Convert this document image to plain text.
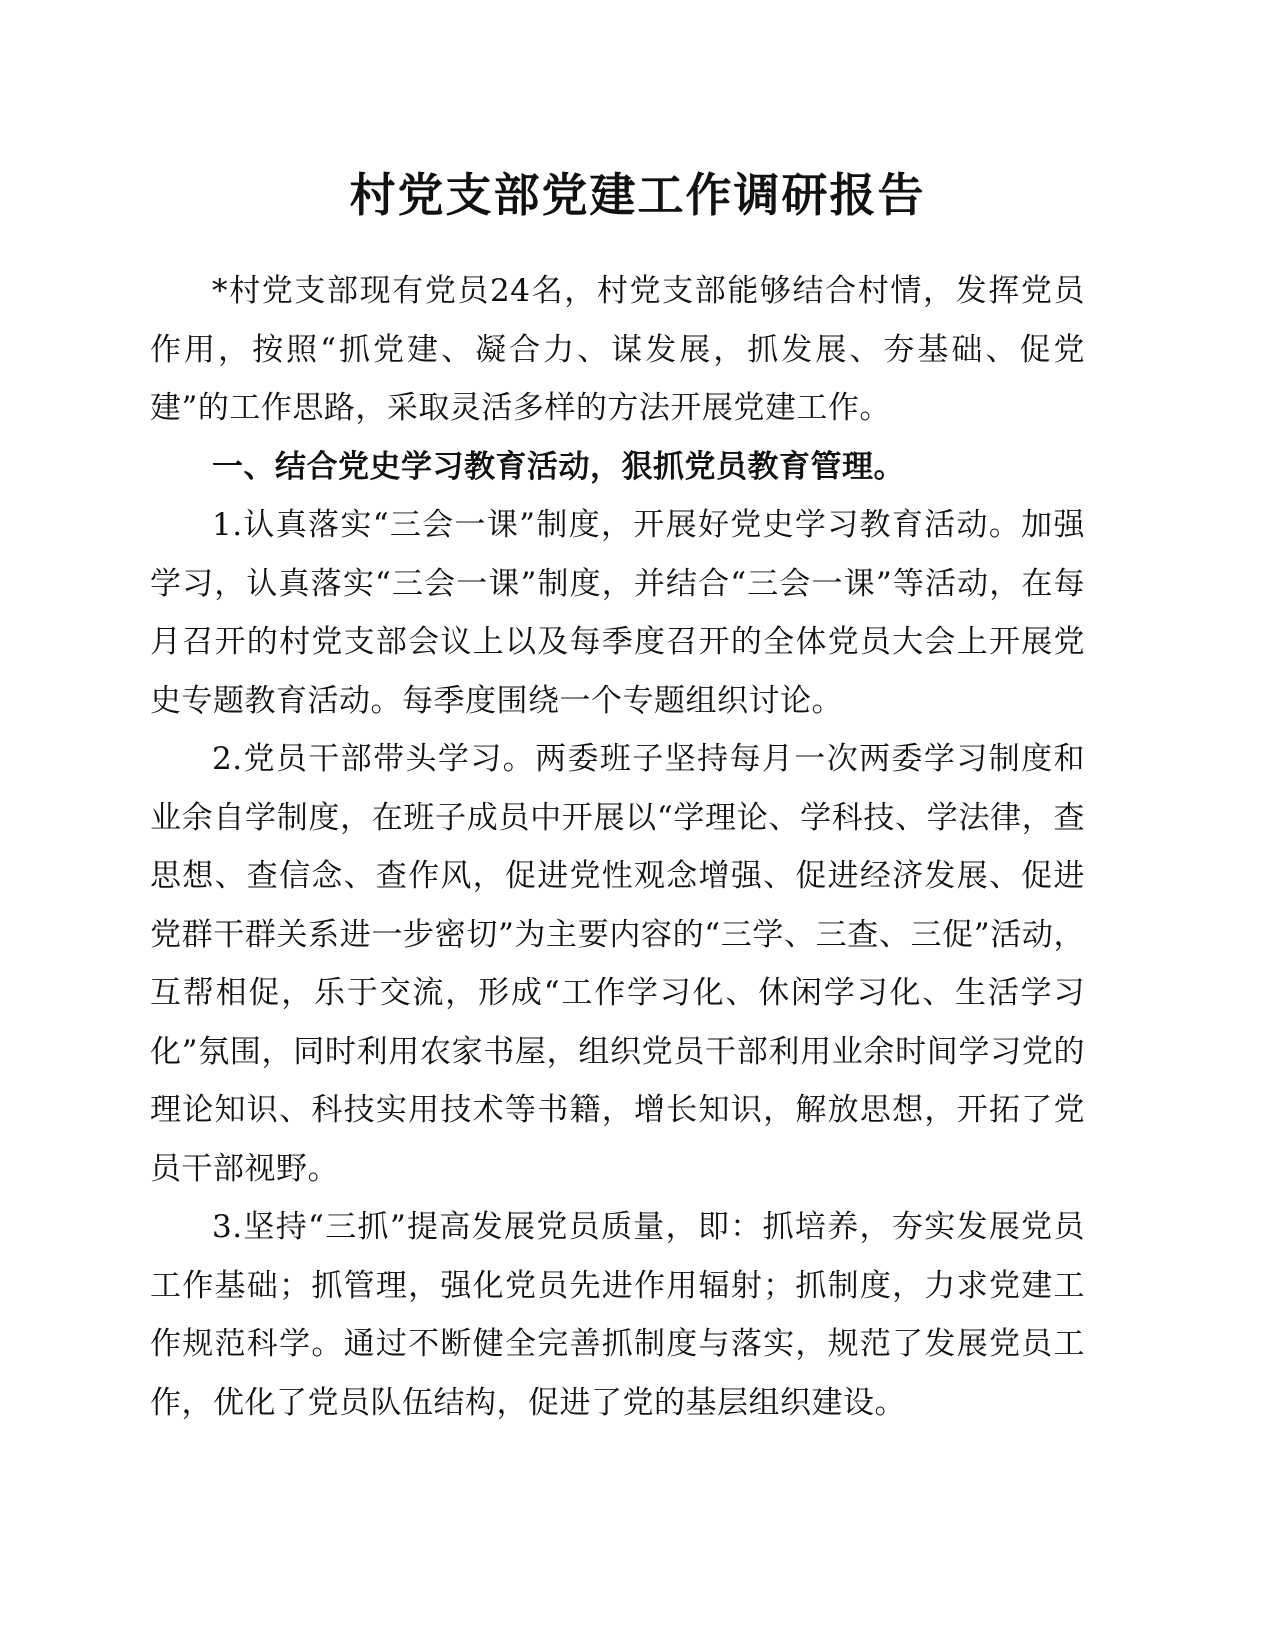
村党支部党建工作调研报告

*村党支部现有党员24名，村党支部能够结合村情，发挥党员作用，按照“抓党建、凝合力、谋发展，抓发展、夯基础、促党建”的工作思路，采取灵活多样的方法开展党建工作。

一、结合党史学习教育活动，狠抓党员教育管理。

1.认真落实“三会一课”制度，开展好党史学习教育活动。加强学习，认真落实“三会一课”制度，并结合“三会一课”等活动，在每月召开的村党支部会议上以及每季度召开的全体党员大会上开展党史专题教育活动。每季度围绕一个专题组织讨论。

2.党员干部带头学习。两委班子坚持每月一次两委学习制度和业余自学制度，在班子成员中开展以“学理论、学科技、学法律，查思想、查信念、查作风，促进党性观念增强、促进经济发展、促进党群干群关系进一步密切”为主要内容的“三学、三查、三促”活动，互帮相促，乐于交流，形成“工作学习化、休闲学习化、生活学习化”氛围，同时利用农家书屋，组织党员干部利用业余时间学习党的理论知识、科技实用技术等书籍，增长知识，解放思想，开拓了党员干部视野。

3.坚持“三抓”提高发展党员质量，即：抓培养，夯实发展党员工作基础；抓管理，强化党员先进作用辐射；抓制度，力求党建工作规范科学。通过不断健全完善抓制度与落实，规范了发展党员工作，优化了党员队伍结构，促进了党的基层组织建设。
